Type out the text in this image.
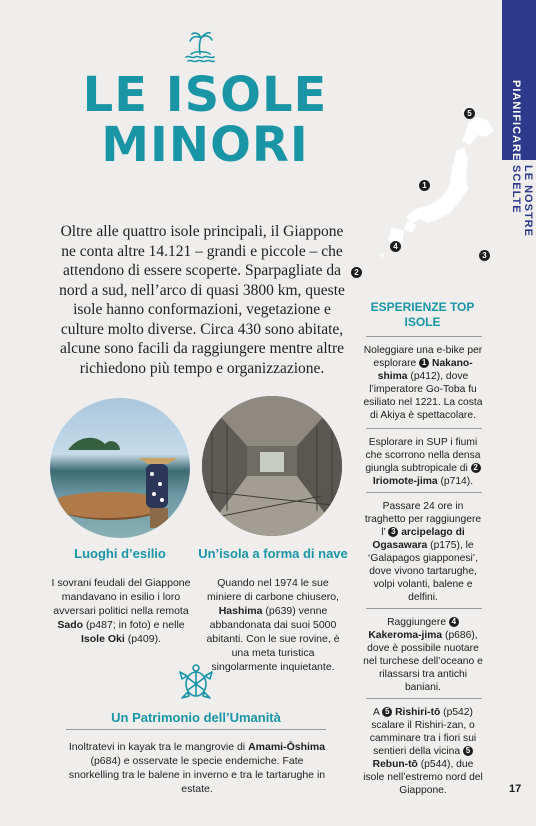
PIANIFICARE
LE NOSTRE SCELTE
LE ISOLE
MINORI
5
1
4
3
2
Oltre alle quattro isole principali, il Giappone ne conta altre 14.121 – grandi e piccole – che attendono di essere scoperte. Sparpagliate da nord a sud, nell’arco di quasi 3800 km, queste isole hanno conformazioni, vegetazione e culture molto diverse. Circa 430 sono abitate, alcune sono facili da raggiungere mentre altre richiedono più tempo e organizzazione.
Luoghi d’esilio
I sovrani feudali del Giappone mandavano in esilio i loro avversari politici nella remota Sado (p487; in foto) e nelle Isole Oki (p409).
Un’isola a forma di nave
Quando nel 1974 le sue miniere di carbone chiusero, Hashima (p639) venne abbandonata dai suoi 5000 abitanti. Con le sue rovine, è una meta turistica singolarmente inquietante.
Un Patrimonio dell’Umanità
Inoltratevi in kayak tra le mangrovie di Amami-Ōshima (p684) e osservate le specie endemiche. Fate snorkelling tra le balene in inverno e tra le tartarughe in estate.
ESPERIENZE TOP ISOLE
Noleggiare una e-bike per esplorare 1 Nakano-shima (p412), dove l’imperatore Go-Toba fu esiliato nel 1221. La costa di Akiya è spettacolare.
Esplorare in SUP i fiumi che scorrono nella densa giungla subtropicale di 2 Iriomote-jima (p714).
Passare 24 ore in traghetto per raggiungere l’ 3 arcipelago di Ogasawara (p175), le ‘Galapagos giapponesi’, dove vivono tartarughe, volpi volanti, balene e delfini.
Raggiungere 4 Kakeroma-jima (p686), dove è possibile nuotare nel turchese dell’oceano e rilassarsi tra antichi baniani.
A 5 Rishiri-tō (p542) scalare il Rishiri-zan, o camminare tra i fiori sui sentieri della vicina 5 Rebun-tō (p544), due isole nell’estremo nord del Giappone.	17
